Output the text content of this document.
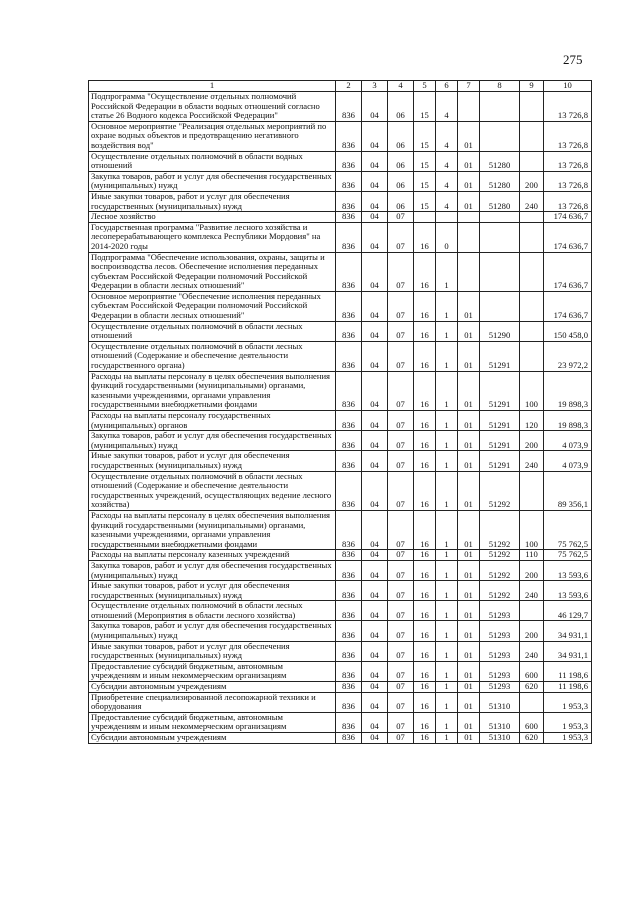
275
1	2	3	4	5	6	7	8	9	10
Подпрограмма "Осуществление отдельных полномочий Российской Федерации в области водных отношений согласно статье 26 Водного кодекса Российской Федерации"	836	04	06	15	4				13 726,8
Основное мероприятие "Реализация отдельных мероприятий по охране водных объектов и предотвращению негативного воздействия вод"	836	04	06	15	4	01			13 726,8
Осуществление отдельных полномочий в области водных отношений	836	04	06	15	4	01	51280		13 726,8
Закупка товаров, работ и услуг для обеспечения государственных (муниципальных) нужд	836	04	06	15	4	01	51280	200	13 726,8
Иные закупки товаров, работ и услуг для обеспечения государственных (муниципальных) нужд	836	04	06	15	4	01	51280	240	13 726,8
Лесное хозяйство	836	04	07						174 636,7
Государственная программа "Развитие лесного хозяйства и лесоперерабатывающего комплекса Республики Мордовия" на 2014-2020 годы	836	04	07	16	0				174 636,7
Подпрограмма "Обеспечение использования, охраны, защиты и воспроизводства лесов. Обеспечение исполнения переданных субъектам Российской Федерации полномочий Российской Федерации в области лесных отношений"	836	04	07	16	1				174 636,7
Основное мероприятие "Обеспечение исполнения переданных субъектам Российской Федерации полномочий Российской Федерации в области лесных отношений"	836	04	07	16	1	01			174 636,7
Осуществление отдельных полномочий в области лесных отношений	836	04	07	16	1	01	51290		150 458,0
Осуществление отдельных полномочий в области лесных отношений (Содержание и обеспечение деятельности государственного органа)	836	04	07	16	1	01	51291		23 972,2
Расходы на выплаты персоналу в целях обеспечения выполнения функций государственными (муниципальными) органами, казенными учреждениями, органами управления государственными внебюджетными фондами	836	04	07	16	1	01	51291	100	19 898,3
Расходы на выплаты персоналу государственных (муниципальных) органов	836	04	07	16	1	01	51291	120	19 898,3
Закупка товаров, работ и услуг для обеспечения государственных (муниципальных) нужд	836	04	07	16	1	01	51291	200	4 073,9
Иные закупки товаров, работ и услуг для обеспечения государственных (муниципальных) нужд	836	04	07	16	1	01	51291	240	4 073,9
Осуществление отдельных полномочий в области лесных отношений (Содержание и обеспечение деятельности государственных учреждений, осуществляющих ведение лесного хозяйства)	836	04	07	16	1	01	51292		89 356,1
Расходы на выплаты персоналу в целях обеспечения выполнения функций государственными (муниципальными) органами, казенными учреждениями, органами управления государственными внебюджетными фондами	836	04	07	16	1	01	51292	100	75 762,5
Расходы на выплаты персоналу казенных учреждений	836	04	07	16	1	01	51292	110	75 762,5
Закупка товаров, работ и услуг для обеспечения государственных (муниципальных) нужд	836	04	07	16	1	01	51292	200	13 593,6
Иные закупки товаров, работ и услуг для обеспечения государственных (муниципальных) нужд	836	04	07	16	1	01	51292	240	13 593,6
Осуществление отдельных полномочий в области лесных отношений (Мероприятия в области лесного хозяйства)	836	04	07	16	1	01	51293		46 129,7
Закупка товаров, работ и услуг для обеспечения государственных (муниципальных) нужд	836	04	07	16	1	01	51293	200	34 931,1
Иные закупки товаров, работ и услуг для обеспечения государственных (муниципальных) нужд	836	04	07	16	1	01	51293	240	34 931,1
Предоставление субсидий бюджетным, автономным учреждениям и иным некоммерческим организациям	836	04	07	16	1	01	51293	600	11 198,6
Субсидии автономным учреждениям	836	04	07	16	1	01	51293	620	11 198,6
Приобретение специализированной лесопожарной техники и оборудования	836	04	07	16	1	01	51310		1 953,3
Предоставление субсидий бюджетным, автономным учреждениям и иным некоммерческим организациям	836	04	07	16	1	01	51310	600	1 953,3
Субсидии автономным учреждениям	836	04	07	16	1	01	51310	620	1 953,3
